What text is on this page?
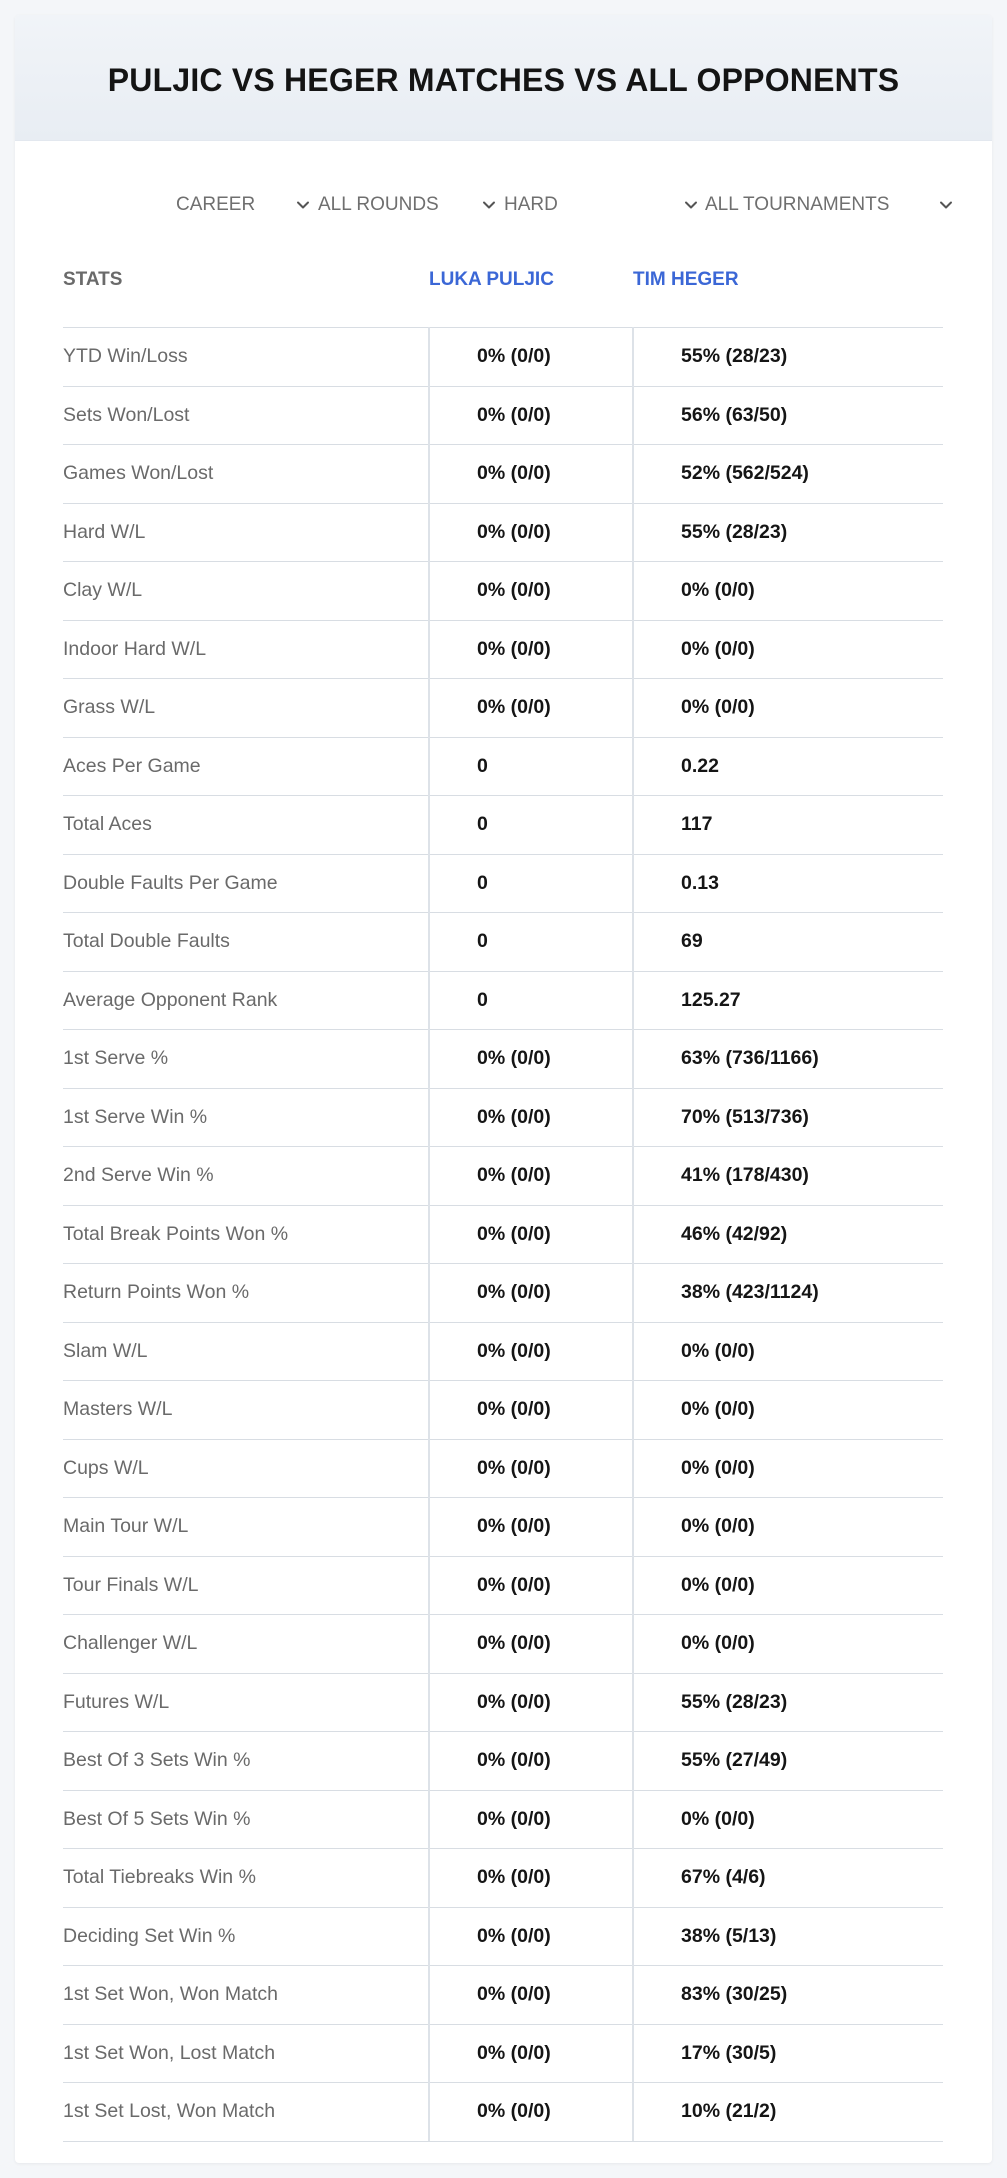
PULJIC VS HEGER MATCHES VS ALL OPPONENTS
CAREER	ALL ROUNDS	HARD	ALL TOURNAMENTS
STATS	LUKA PULJIC	TIM HEGER
YTD Win/Loss	0% (0/0)	55% (28/23)
Sets Won/Lost	0% (0/0)	56% (63/50)
Games Won/Lost	0% (0/0)	52% (562/524)
Hard W/L	0% (0/0)	55% (28/23)
Clay W/L	0% (0/0)	0% (0/0)
Indoor Hard W/L	0% (0/0)	0% (0/0)
Grass W/L	0% (0/0)	0% (0/0)
Aces Per Game	0	0.22
Total Aces	0	117
Double Faults Per Game	0	0.13
Total Double Faults	0	69
Average Opponent Rank	0	125.27
1st Serve %	0% (0/0)	63% (736/1166)
1st Serve Win %	0% (0/0)	70% (513/736)
2nd Serve Win %	0% (0/0)	41% (178/430)
Total Break Points Won %	0% (0/0)	46% (42/92)
Return Points Won %	0% (0/0)	38% (423/1124)
Slam W/L	0% (0/0)	0% (0/0)
Masters W/L	0% (0/0)	0% (0/0)
Cups W/L	0% (0/0)	0% (0/0)
Main Tour W/L	0% (0/0)	0% (0/0)
Tour Finals W/L	0% (0/0)	0% (0/0)
Challenger W/L	0% (0/0)	0% (0/0)
Futures W/L	0% (0/0)	55% (28/23)
Best Of 3 Sets Win %	0% (0/0)	55% (27/49)
Best Of 5 Sets Win %	0% (0/0)	0% (0/0)
Total Tiebreaks Win %	0% (0/0)	67% (4/6)
Deciding Set Win %	0% (0/0)	38% (5/13)
1st Set Won, Won Match	0% (0/0)	83% (30/25)
1st Set Won, Lost Match	0% (0/0)	17% (30/5)
1st Set Lost, Won Match	0% (0/0)	10% (21/2)
